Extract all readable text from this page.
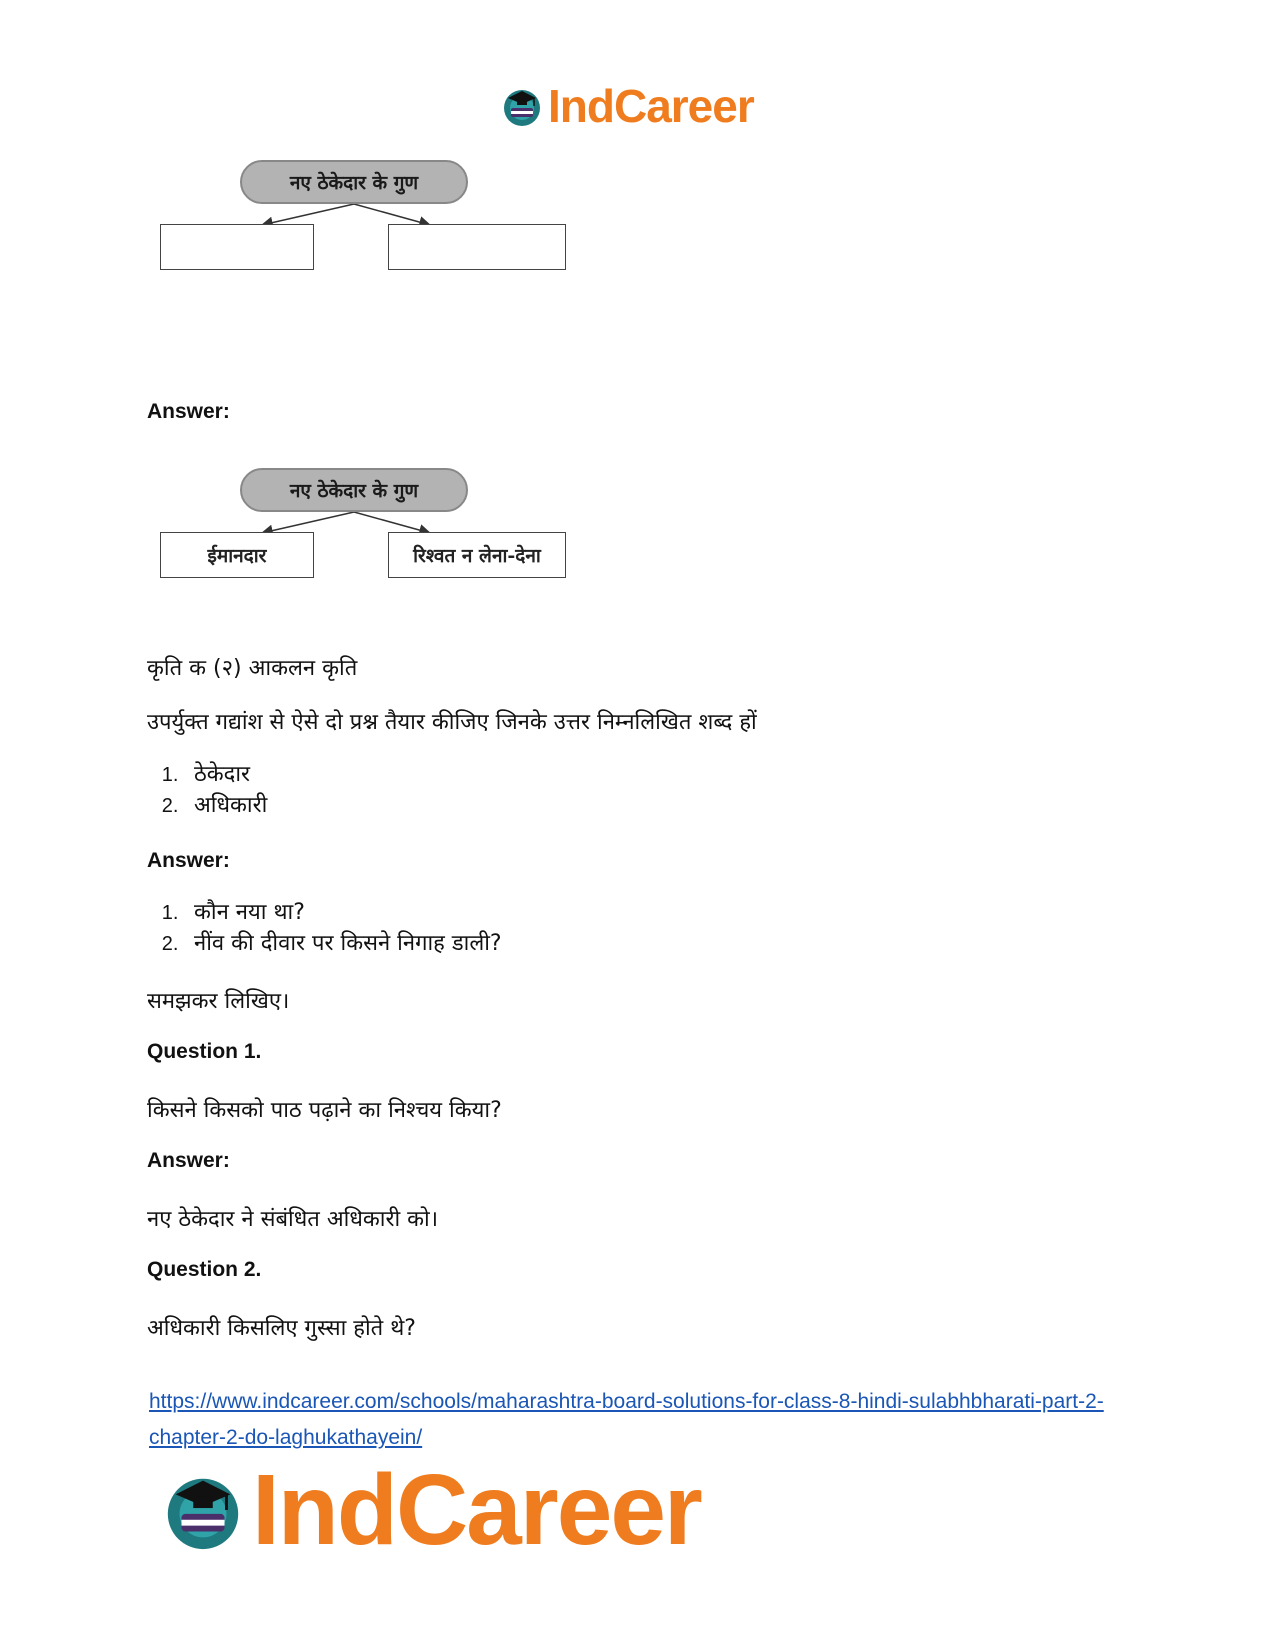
IndCareer
नए ठेकेदार के गुण
Answer:
नए ठेकेदार के गुण
ईमानदार	रिश्वत न लेना-देना
कृति क (२) आकलन कृति
उपर्युक्त गद्यांश से ऐसे दो प्रश्न तैयार कीजिए जिनके उत्तर निम्नलिखित शब्द हों
1. ठेकेदार
2. अधिकारी
Answer:
1. कौन नया था?
2. नींव की दीवार पर किसने निगाह डाली?
समझकर लिखिए।
Question 1.
किसने किसको पाठ पढ़ाने का निश्चय किया?
Answer:
नए ठेकेदार ने संबंधित अधिकारी को।
Question 2.
अधिकारी किसलिए गुस्सा होते थे?
https://www.indcareer.com/schools/maharashtra-board-solutions-for-class-8-hindi-sulabhbharati-part-2-chapter-2-do-laghukathayein/
IndCareer
